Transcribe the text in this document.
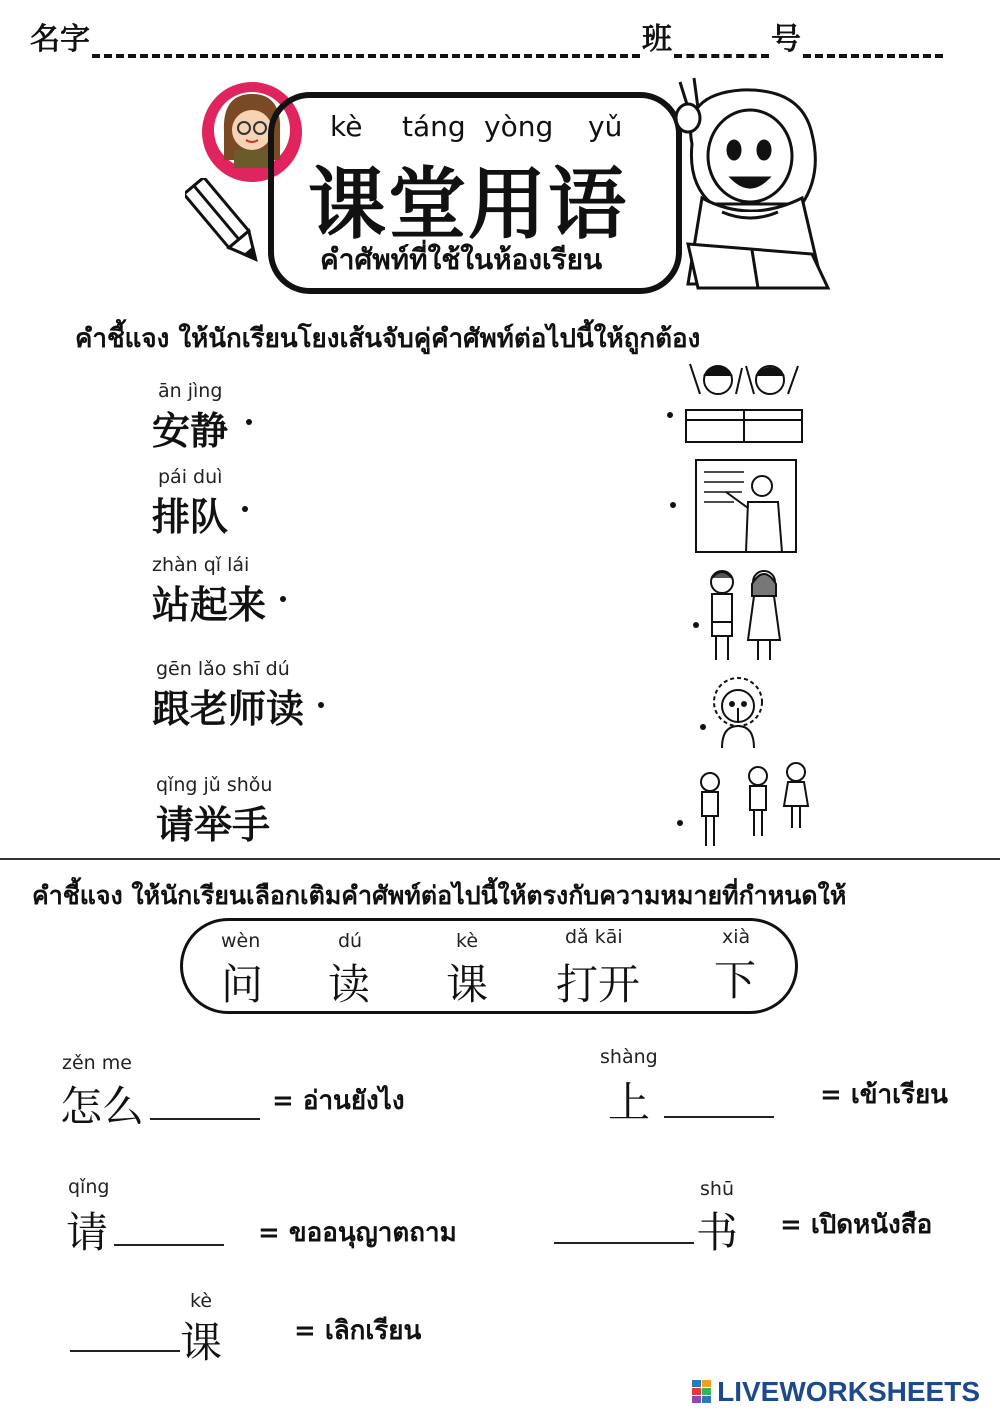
名字	班	号
kè táng yòng yǔ
课堂用语
คำศัพท์ที่ใช้ในห้องเรียน
คำชี้แจง ให้นักเรียนโยงเส้นจับคู่คำศัพท์ต่อไปนี้ให้ถูกต้อง
ān jìng
安静
pái duì
排队
zhàn qǐ lái
站起来
gēn lǎo shī dú
跟老师读
qǐng jǔ shǒu
请举手
คำชี้แจง ให้นักเรียนเลือกเติมคำศัพท์ต่อไปนี้ให้ตรงกับความหมายที่กำหนดให้
wèn
问
dú
读
kè
课
dǎ kāi
打开
xià
下
zěn me
怎么	= อ่านยังไง
shàng
上	= เข้าเรียน
qǐng
请	= ขออนุญาตถาม
shū
书 = เปิดหนังสือ
kè
课	= เลิกเรียน
LIVEWORKSHEETS
